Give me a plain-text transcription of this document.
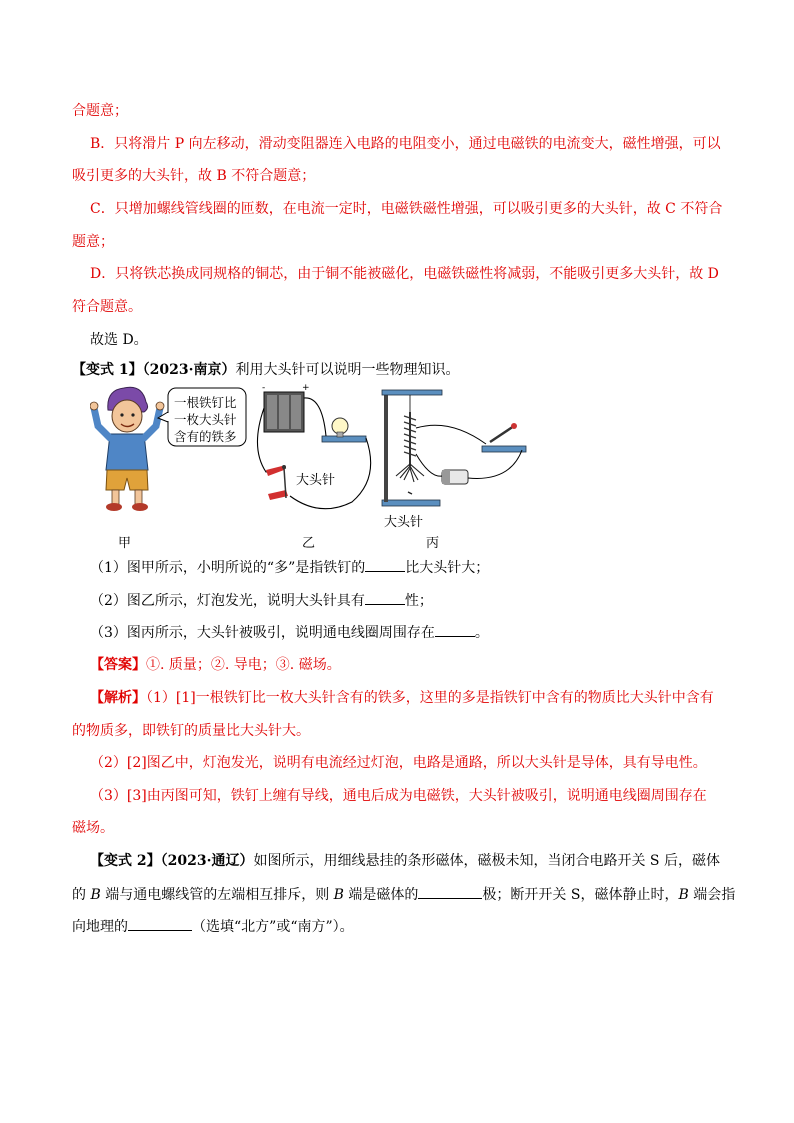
合题意；
B．只将滑片 P 向左移动，滑动变阻器连入电路的电阻变小，通过电磁铁的电流变大，磁性增强，可以
吸引更多的大头针，故 B 不符合题意；
C．只增加螺线管线圈的匝数，在电流一定时，电磁铁磁性增强，可以吸引更多的大头针，故 C 不符合
题意；
D．只将铁芯换成同规格的铜芯，由于铜不能被磁化，电磁铁磁性将减弱，不能吸引更多大头针，故 D
符合题意。
故选 D。
【变式 1】（2023·南京）利用大头针可以说明一些物理知识。
一根铁钉比
一枚大头针
含有的铁多
-	+
大头针
大头针
甲	乙	丙
（1）图甲所示，小明所说的“多”是指铁钉的	比大头针大；
（2）图乙所示，灯泡发光，说明大头针具有	性；
（3）图丙所示，大头针被吸引，说明通电线圈周围存在	。
【答案】①. 质量；②. 导电；③. 磁场。
【解析】（1）[1]一根铁钉比一枚大头针含有的铁多，这里的多是指铁钉中含有的物质比大头针中含有
的物质多，即铁钉的质量比大头针大。
（2）[2]图乙中，灯泡发光，说明有电流经过灯泡，电路是通路，所以大头针是导体，具有导电性。
（3）[3]由丙图可知，铁钉上缠有导线，通电后成为电磁铁，大头针被吸引，说明通电线圈周围存在
磁场。
【变式 2】（2023·通辽）如图所示，用细线悬挂的条形磁体，磁极未知，当闭合电路开关 S 后，磁体
的 B 端与通电螺线管的左端相互排斥，则 B 端是磁体的	极；断开开关 S，磁体静止时，B 端会指
向地理的	（选填“北方”或“南方”）。
